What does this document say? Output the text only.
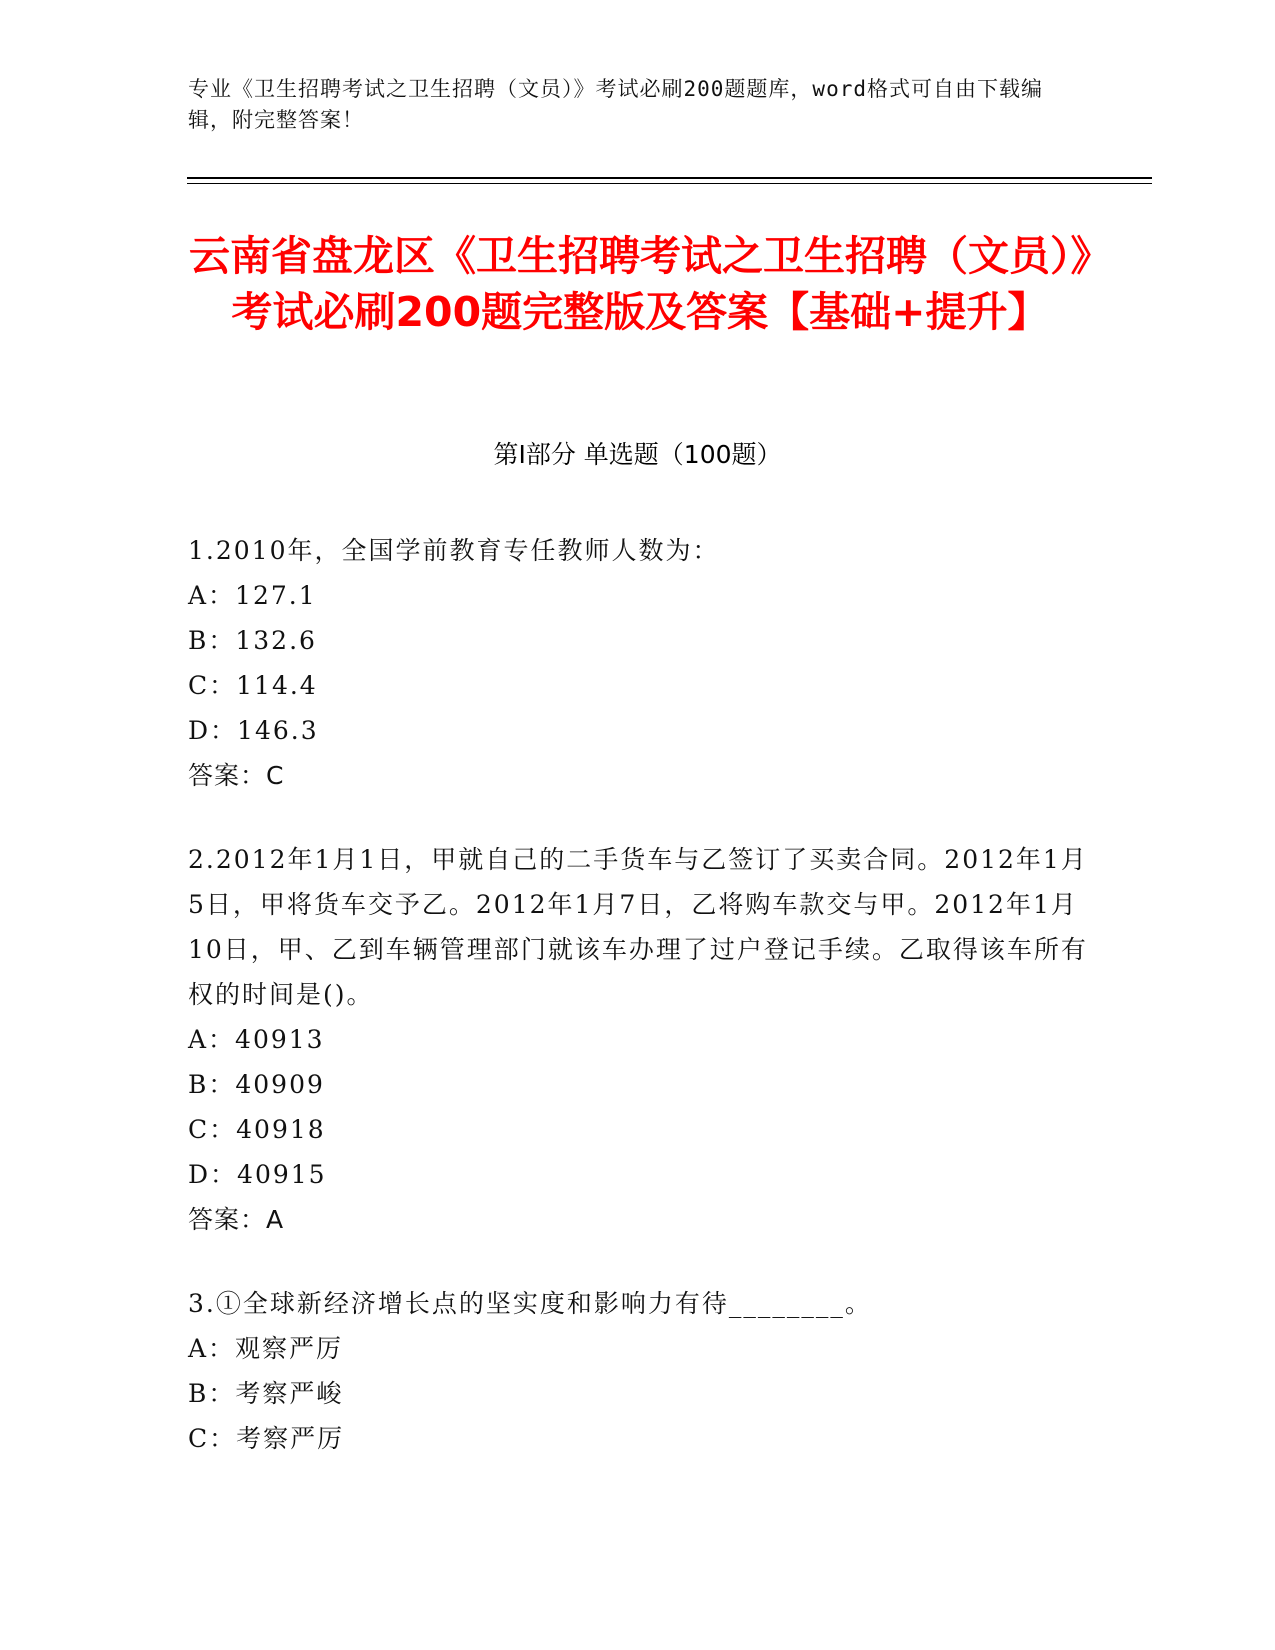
专业《卫生招聘考试之卫生招聘（文员）》考试必刷200题题库，word格式可自由下载编辑，附完整答案！
云南省盘龙区《卫生招聘考试之卫生招聘（文员）》考试必刷200题完整版及答案【基础+提升】
第I部分 单选题（100题）
1.2010年，全国学前教育专任教师人数为：
A：127.1
B：132.6
C：114.4
D：146.3
答案：C
2.2012年1月1日，甲就自己的二手货车与乙签订了买卖合同。2012年1月5日，甲将货车交予乙。2012年1月7日，乙将购车款交与甲。2012年1月10日，甲、乙到车辆管理部门就该车办理了过户登记手续。乙取得该车所有权的时间是()。
A：40913
B：40909
C：40918
D：40915
答案：A
3.①全球新经济增长点的坚实度和影响力有待________。
A：观察严厉
B：考察严峻
C：考察严厉
